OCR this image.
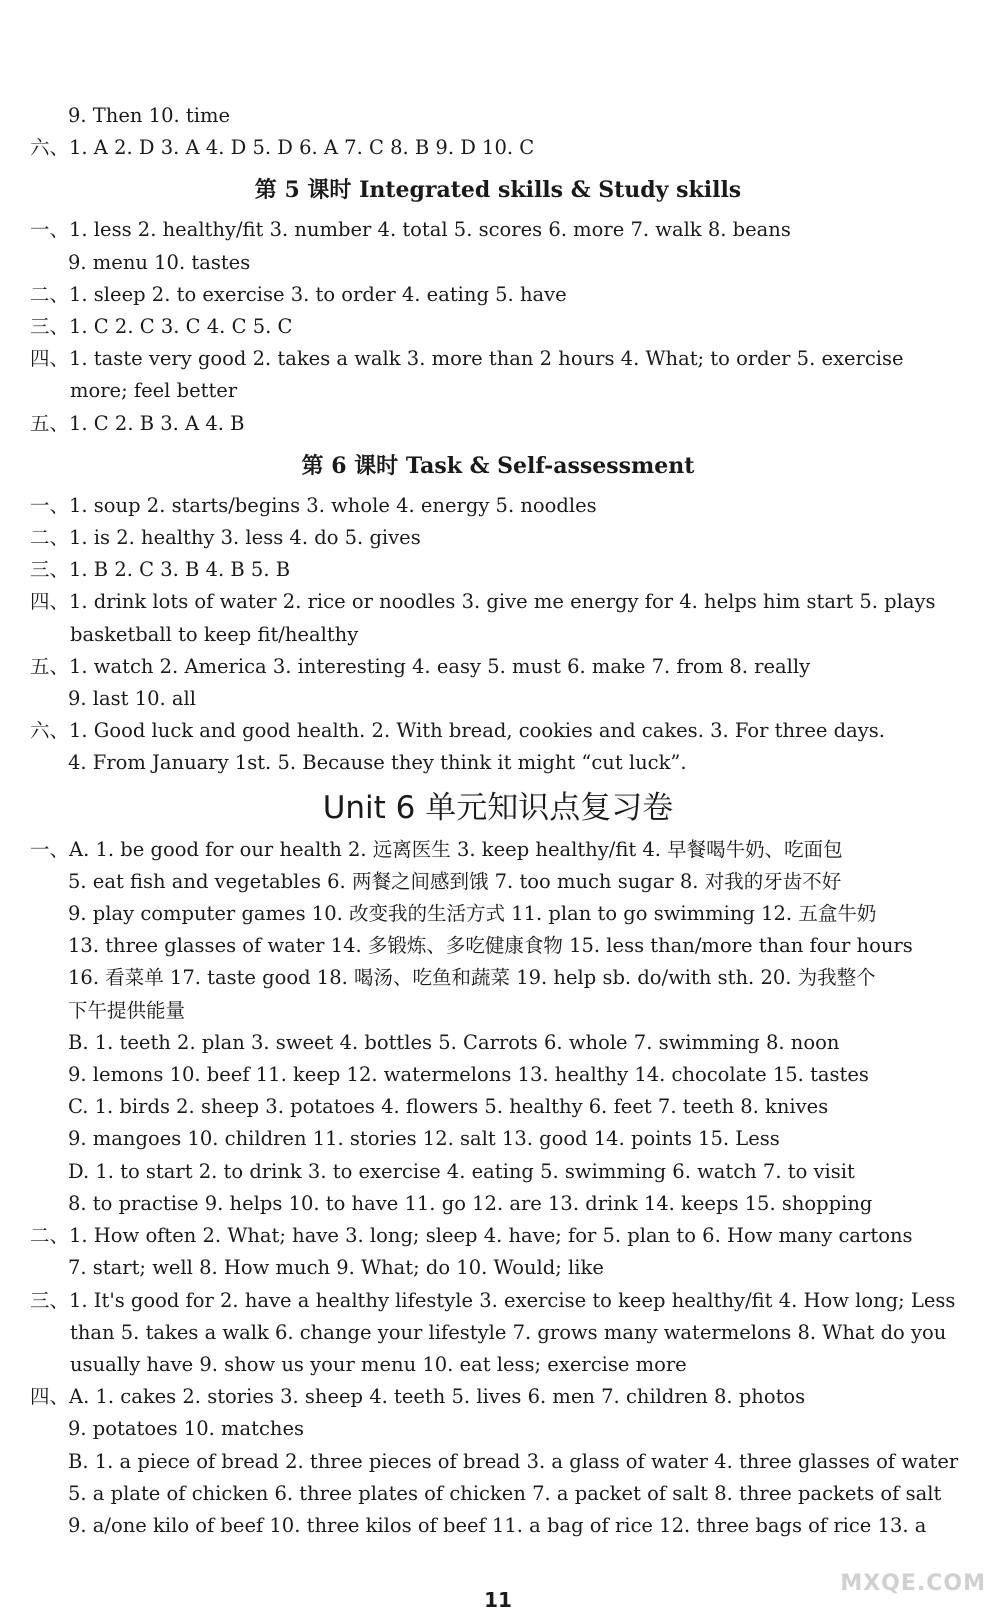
9. Then 10. time
六、1. A 2. D 3. A 4. D 5. D 6. A 7. C 8. B 9. D 10. C
第 5 课时 Integrated skills & Study skills
一、1. less 2. healthy/fit 3. number 4. total 5. scores 6. more 7. walk 8. beans
9. menu 10. tastes
二、1. sleep 2. to exercise 3. to order 4. eating 5. have
三、1. C 2. C 3. C 4. C 5. C
四、1. taste very good 2. takes a walk 3. more than 2 hours 4. What; to order 5. exercise
more; feel better
五、1. C 2. B 3. A 4. B
第 6 课时 Task & Self-assessment
一、1. soup 2. starts/begins 3. whole 4. energy 5. noodles
二、1. is 2. healthy 3. less 4. do 5. gives
三、1. B 2. C 3. B 4. B 5. B
四、1. drink lots of water 2. rice or noodles 3. give me energy for 4. helps him start 5. plays
basketball to keep fit/healthy
五、1. watch 2. America 3. interesting 4. easy 5. must 6. make 7. from 8. really
9. last 10. all
六、1. Good luck and good health. 2. With bread, cookies and cakes. 3. For three days.
4. From January 1st. 5. Because they think it might “cut luck”.
Unit 6 单元知识点复习卷
一、A. 1. be good for our health 2. 远离医生 3. keep healthy/fit 4. 早餐喝牛奶、吃面包
5. eat fish and vegetables 6. 两餐之间感到饿 7. too much sugar 8. 对我的牙齿不好
9. play computer games 10. 改变我的生活方式 11. plan to go swimming 12. 五盒牛奶
13. three glasses of water 14. 多锻炼、多吃健康食物 15. less than/more than four hours
16. 看菜单 17. taste good 18. 喝汤、吃鱼和蔬菜 19. help sb. do/with sth. 20. 为我整个
下午提供能量
B. 1. teeth 2. plan 3. sweet 4. bottles 5. Carrots 6. whole 7. swimming 8. noon
9. lemons 10. beef 11. keep 12. watermelons 13. healthy 14. chocolate 15. tastes
C. 1. birds 2. sheep 3. potatoes 4. flowers 5. healthy 6. feet 7. teeth 8. knives
9. mangoes 10. children 11. stories 12. salt 13. good 14. points 15. Less
D. 1. to start 2. to drink 3. to exercise 4. eating 5. swimming 6. watch 7. to visit
8. to practise 9. helps 10. to have 11. go 12. are 13. drink 14. keeps 15. shopping
二、1. How often 2. What; have 3. long; sleep 4. have; for 5. plan to 6. How many cartons
7. start; well 8. How much 9. What; do 10. Would; like
三、1. It's good for 2. have a healthy lifestyle 3. exercise to keep healthy/fit 4. How long; Less
than 5. takes a walk 6. change your lifestyle 7. grows many watermelons 8. What do you
usually have 9. show us your menu 10. eat less; exercise more
四、A. 1. cakes 2. stories 3. sheep 4. teeth 5. lives 6. men 7. children 8. photos
9. potatoes 10. matches
B. 1. a piece of bread 2. three pieces of bread 3. a glass of water 4. three glasses of water
5. a plate of chicken 6. three plates of chicken 7. a packet of salt 8. three packets of salt
9. a/one kilo of beef 10. three kilos of beef 11. a bag of rice 12. three bags of rice 13. a
11
MXQE.COM
